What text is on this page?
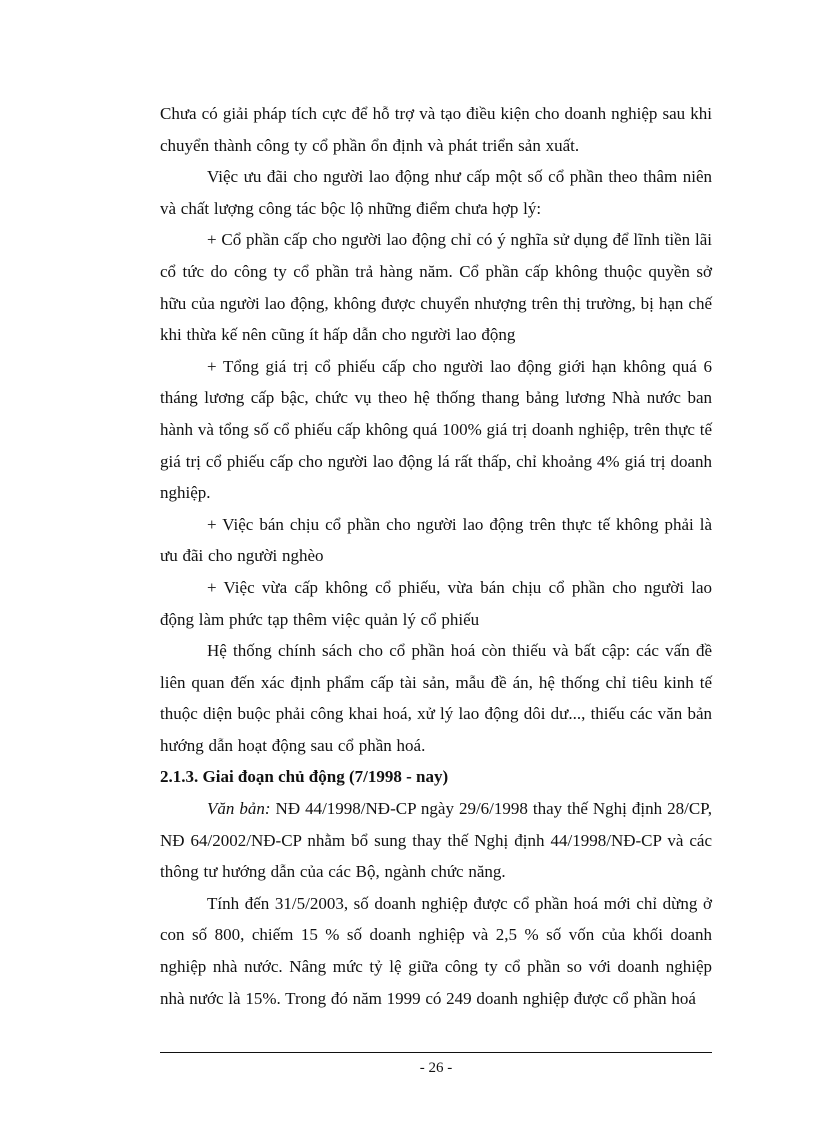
Chưa có giải pháp tích cực để hỗ trợ và tạo điều kiện cho doanh nghiệp sau khi chuyển thành công ty cổ phần ổn định và phát triển sản xuất.

Việc ưu đãi cho người lao động như cấp một số cổ phần theo thâm niên và chất lượng công tác bộc lộ những điểm chưa hợp lý:

+ Cổ phần cấp cho người lao động chỉ có ý nghĩa sử dụng để lĩnh tiền lãi cổ tức do công ty cổ phần trả hàng năm. Cổ phần cấp không thuộc quyền sở hữu của người lao động, không được chuyển nhượng trên thị trường, bị hạn chế khi thừa kế nên cũng ít hấp dẫn cho người lao động

+ Tổng giá trị cổ phiếu cấp cho người lao động giới hạn không quá 6 tháng lương cấp bậc, chức vụ theo hệ thống thang bảng lương Nhà nước ban hành và tổng số cổ phiếu cấp không quá 100% giá trị doanh nghiệp, trên thực tế giá trị cổ phiếu cấp cho người lao động lá rất thấp, chỉ khoảng 4% giá trị doanh nghiệp.

+ Việc bán chịu cổ phần cho người lao động trên thực tế không phải là ưu đãi cho người nghèo

+ Việc vừa cấp không cổ phiếu, vừa bán chịu cổ phần cho người lao động làm phức tạp thêm việc quản lý cổ phiếu

Hệ thống chính sách cho cổ phần hoá còn thiếu và bất cập: các vấn đề liên quan đến xác định phẩm cấp tài sản, mẫu đề án, hệ thống chỉ tiêu kinh tế thuộc diện buộc phải công khai hoá, xử lý lao động dôi dư..., thiếu các văn bản hướng dẫn hoạt động sau cổ phần hoá.

2.1.3. Giai đoạn chủ động (7/1998 - nay)

Văn bản: NĐ 44/1998/NĐ-CP ngày 29/6/1998 thay thế Nghị định 28/CP, NĐ 64/2002/NĐ-CP nhằm bổ sung thay thế Nghị định 44/1998/NĐ-CP và các thông tư hướng dẫn của các Bộ, ngành chức năng.

Tính đến 31/5/2003, số doanh nghiệp được cổ phần hoá mới chỉ dừng ở con số 800, chiếm 15 % số doanh nghiệp và 2,5 % số vốn của khối doanh nghiệp nhà nước. Nâng mức tỷ lệ giữa công ty cổ phần so với doanh nghiệp nhà nước là 15%. Trong đó năm 1999 có 249 doanh nghiệp được cổ phần hoá

- 26 -
